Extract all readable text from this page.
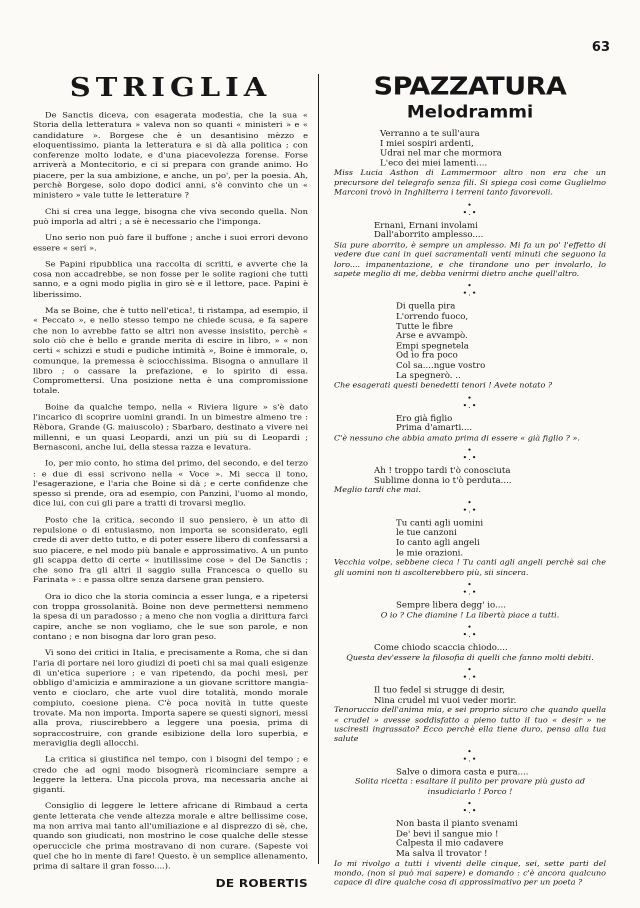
63
STRIGLIA

De Sanctis diceva, con esagerata modestia, che la sua « Storia della letteratura » valeva non so quanti « ministeri » e « candidature ». Borgese che è un desantisino mèzzo e eloquentissimo, pianta la letteratura e si dà alla politica ; con conferenze molto lodate, e d'una piacevolezza forense. Forse arriverà a Montecitorio, e ci si prepara con grande animo. Ho piacere, per la sua ambizione, e anche, un po', per la poesia. Ah, perchè Borgese, solo dopo dodici anni, s'è convinto che un « ministero » vale tutte le letterature ?

Chi si crea una legge, bisogna che viva secondo quella. Non può imporla ad altri ; a sè è necessario che l'imponga.

Uno serio non può fare il buffone ; anche i suoi errori devono essere « seri ».

Se Papini ripubblica una raccolta di scritti, e avverte che la cosa non accadrebbe, se non fosse per le solite ragioni che tutti sanno, e a ogni modo piglia in giro sè e il lettore, pace. Papini è liberissimo.

Ma se Boine, che è tutto nell'etica!, ti ristampa, ad esempio, il « Peccato », e nello stesso tempo ne chiede scusa, e fa sapere che non lo avrebbe fatto se altri non avesse insistito, perchè « solo ciò che è bello e grande merita di escire in libro, » « non certi « schizzi e studi e pudiche intimità », Boine è immorale, o, comunque, la premessa è sciocchissima. Bisogna o annullare il libro ; o cassare la prefazione, e lo spirito di essa. Compromettersi. Una posizione netta è una compromissione totale.

Boine da qualche tempo, nella « Riviera ligure » s'è dato l'incarico di scoprire uomini grandi. In un bimestre almeno tre : Rèbora, Grande (G. maiuscolo) ; Sbarbaro, destinato a vivere nei millenni, e un quasi Leopardi, anzi un più su di Leopardi ; Bernasconi, anche lui, della stessa razza e levatura.

Io, per mio conto, ho stima del primo, del secondo, e del terzo : e due di essi scrivono nella « Voce ». Mi secca il tono, l'esagerazione, e l'aria che Boine si dà ; e certe confidenze che spesso si prende, ora ad esempio, con Panzini, l'uomo al mondo, dice lui, con cui gli pare a tratti di trovarsi meglio.

Posto che la critica, secondo il suo pensiero, è un atto di repulsione o di entusiasmo, non importa se sconsiderato, egli crede di aver detto tutto, e di poter essere libero di confessarsi a suo piacere, e nel modo più banale e approssimativo. A un punto gli scappa detto di certe « inutilissime cose » del De Sanctis ; che sono fra gli altri il saggio sulla Francesca o quello su Farinata » : e passa oltre senza darsene gran pensiero.

Ora io dico che la storia comincia a esser lunga, e a ripetersi con troppa grossolanità. Boine non deve permettersi nemmeno la spesa di un paradosso ; a meno che non voglia a dirittura farci capire, anche se non vogliamo, che le sue son parole, e non contano ; e non bisogna dar loro gran peso.

Vi sono dei critici in Italia, e precisamente a Roma, che si dan l'aria di portare nei loro giudizi di poeti chi sa mai quali esigenze di un'etica superiore ; e van ripetendo, da pochi mesi, per obbligo d'amicizia e ammirazione a un giovane scrittore mangia-vento e cioclaro, che arte vuol dire totalità, mondo morale compiuto, coesione piena. C'è poca novità in tutte queste trovate. Ma non importa. Importa sapere se questi signori, messi alla prova, riuscirebbero a leggere una poesia, prima di sopraccostruire, con grande esibizione della loro superbia, e meraviglia degli allocchi.

La critica si giustifica nel tempo, con i bisogni del tempo ; e credo che ad ogni modo bisognerà ricominciare sempre a leggere la lettera. Una piccola prova, ma necessaria anche ai giganti.

Consiglio di leggere le lettere africane di Rimbaud a certa gente letterata che vende altezza morale e altre bellissime cose, ma non arriva mai tanto all'umiliazione e al disprezzo di sè, che, quando son giudicati, non mostrino le cose qualche delle stesse operuccicle che prima mostravano di non curare. (Sapeste voi quel che ho in mente di fare! Questo, è un semplice allenamento, prima di saltare il gran fosso....).

DE ROBERTIS
SPAZZATURA
Melodrammi
Verranno a te sull'aura
I miei sospiri ardenti,
Udrai nel mar che mormora
L'eco dei miei lamenti....

Miss Lucia Asthon di Lammermoor altro non era che un precursore del telegrafo senza fili. Si spiega così come Guglielmo Marconi trovò in Inghilterra i terreni tanto favorevoli.

•
•.•
Ernani, Ernani involami
Dall'aborrito amplesso....

Sia pure aborrito, è sempre un amplesso. Mi fa un po' l'effetto di vedere due cani in quei sacramentali venti minuti che seguono la loro.... impanentazione, e che tirandone uno per involarlo, lo sapete meglio di me, debba venirmi dietro anche quell'altro.

•
•.•
Di quella pira
L'orrendo fuoco,
Tutte le fibre
Arse e avvampò.
Empi spegnetela
Od io fra poco
Col sa....ngue vostro
La spegnerò. ..

Che esagerati questi benedetti tenori ! Avete notato ?

•
•.•
Ero già figlio
Prima d'amarti....

C'è nessuno che abbia amato prima di essere « già figlio ? ».

•
•.•
Ah ! troppo tardi t'ò conosciuta
Sublime donna io t'ò perduta....

Meglio tardi che mai.

•
•.•
Tu canti agli uomini
le tue canzoni
Io canto agli angeli
le mie orazioni.

Vecchia volpe, sebbene cieca ! Tu canti agli angeli perchè sai che gli uomini non ti ascolterebbero più, sii sincera.

•
•.•
Sempre libera degg' io....

O io ? Che diamine ! La libertà piace a tutti.

•
•.•
Come chiodo scaccia chiodo....

Questa dev'essere la filosofia di quelli che fanno molti debiti.

•
•.•
Il tuo fedel si strugge di desir,
Nina crudel mi vuoi veder morir.

Tenoruccio dell'anima mia, e sei proprio sicuro che quando quella « crudel » avesse soddisfatto a pieno tutto il tuo « desir » ne usciresti ingrassato? Ecco perchè ella tiene duro, pensa alla tua salute

•
•.•
Salve o dimora casta e pura....

Solita ricetta : esaltare il pulito per provare più gusto ad insudiciarlo ! Porco !

•
•.•
Non basta il pianto svenami
De' bevi il sangue mio !
Calpesta il mio cadavere
Ma salva il trovator !

Io mi rivolgo a tutti i viventi delle cinque, sei, sette parti del mondo, (non si può mai sapere) e domando : c'è ancora qualcuno capace di dire qualche cosa di approssimativo per un poeta ?
